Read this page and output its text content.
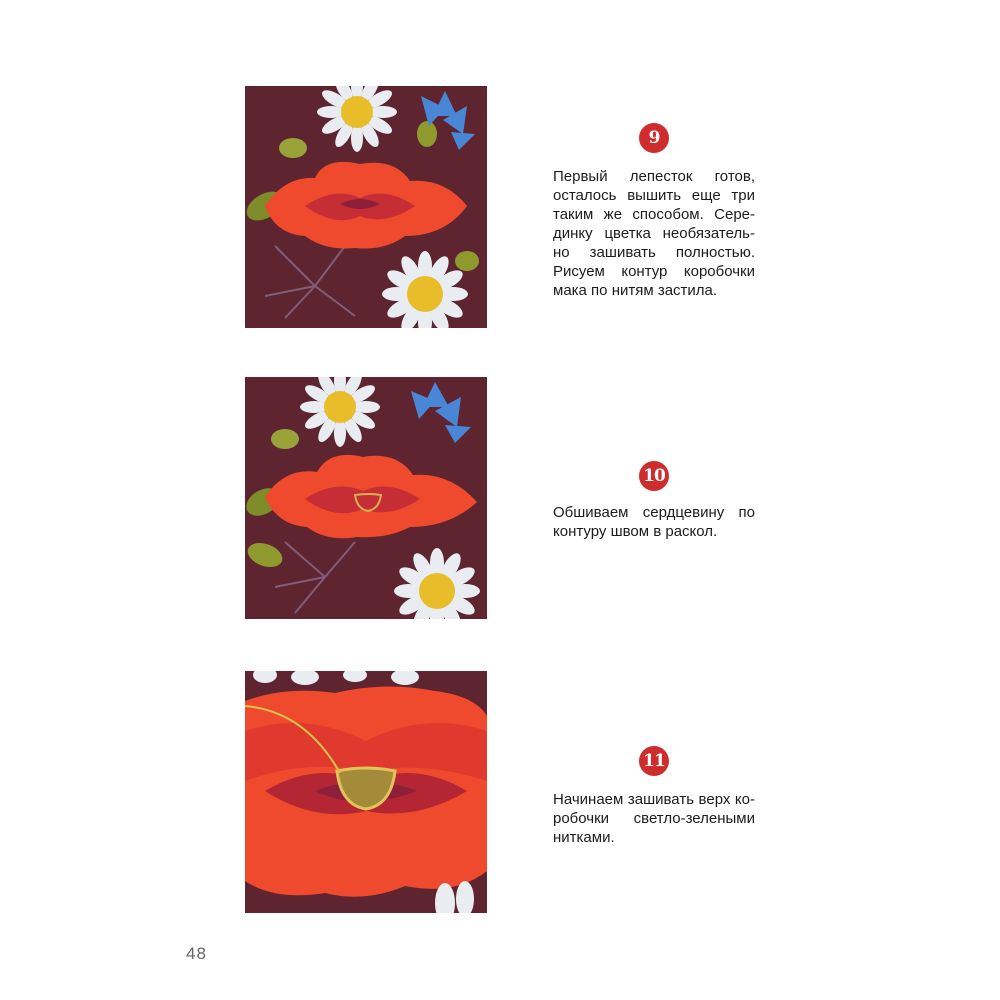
9
Первый лепесток готов,
осталось вышить еще три
таким же способом. Сере-
динку цветка необязатель-
но зашивать полностью.
Рисуем контур коробочки
мака по нитям застила.
10
Обшиваем сердцевину по
контуру швом в раскол.
11
Начинаем зашивать верх ко-
робочки светло-зелеными
нитками.
48
